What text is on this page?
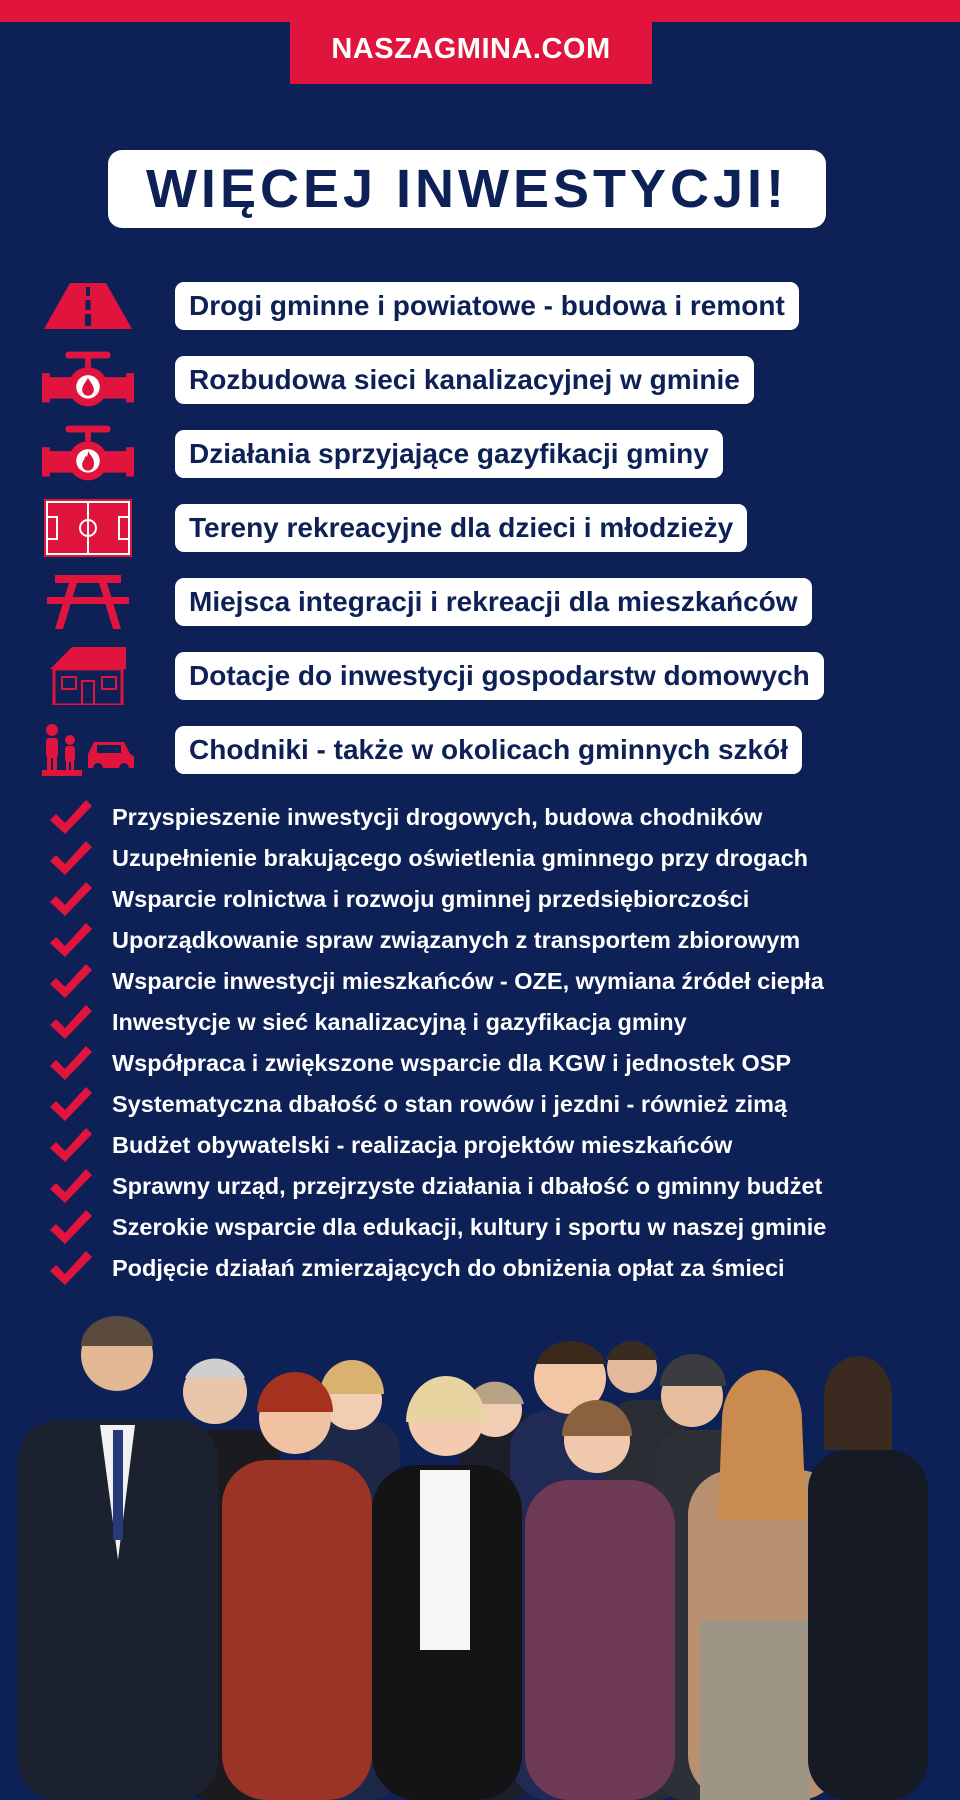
NASZAGMINA.COM
WIĘCEJ INWESTYCJI!
Drogi gminne i powiatowe - budowa i remont
Rozbudowa sieci kanalizacyjnej w gminie
Działania sprzyjające gazyfikacji gminy
Tereny rekreacyjne dla dzieci i młodzieży
Miejsca integracji i rekreacji dla mieszkańców
Dotacje do inwestycji gospodarstw domowych
Chodniki - także w okolicach gminnych szkół
Przyspieszenie inwestycji drogowych, budowa chodników
Uzupełnienie brakującego oświetlenia gminnego przy drogach
Wsparcie rolnictwa i rozwoju gminnej przedsiębiorczości
Uporządkowanie spraw związanych z transportem zbiorowym
Wsparcie inwestycji mieszkańców - OZE, wymiana źródeł ciepła
Inwestycje w sieć kanalizacyjną i gazyfikacja gminy
Współpraca i zwiększone wsparcie dla KGW i jednostek OSP
Systematyczna dbałość o stan rowów i jezdni - również zimą
Budżet obywatelski - realizacja projektów mieszkańców
Sprawny urząd, przejrzyste działania i dbałość o gminny budżet
Szerokie wsparcie dla edukacji, kultury i sportu w naszej gminie
Podjęcie działań zmierzających do obniżenia opłat za śmieci
